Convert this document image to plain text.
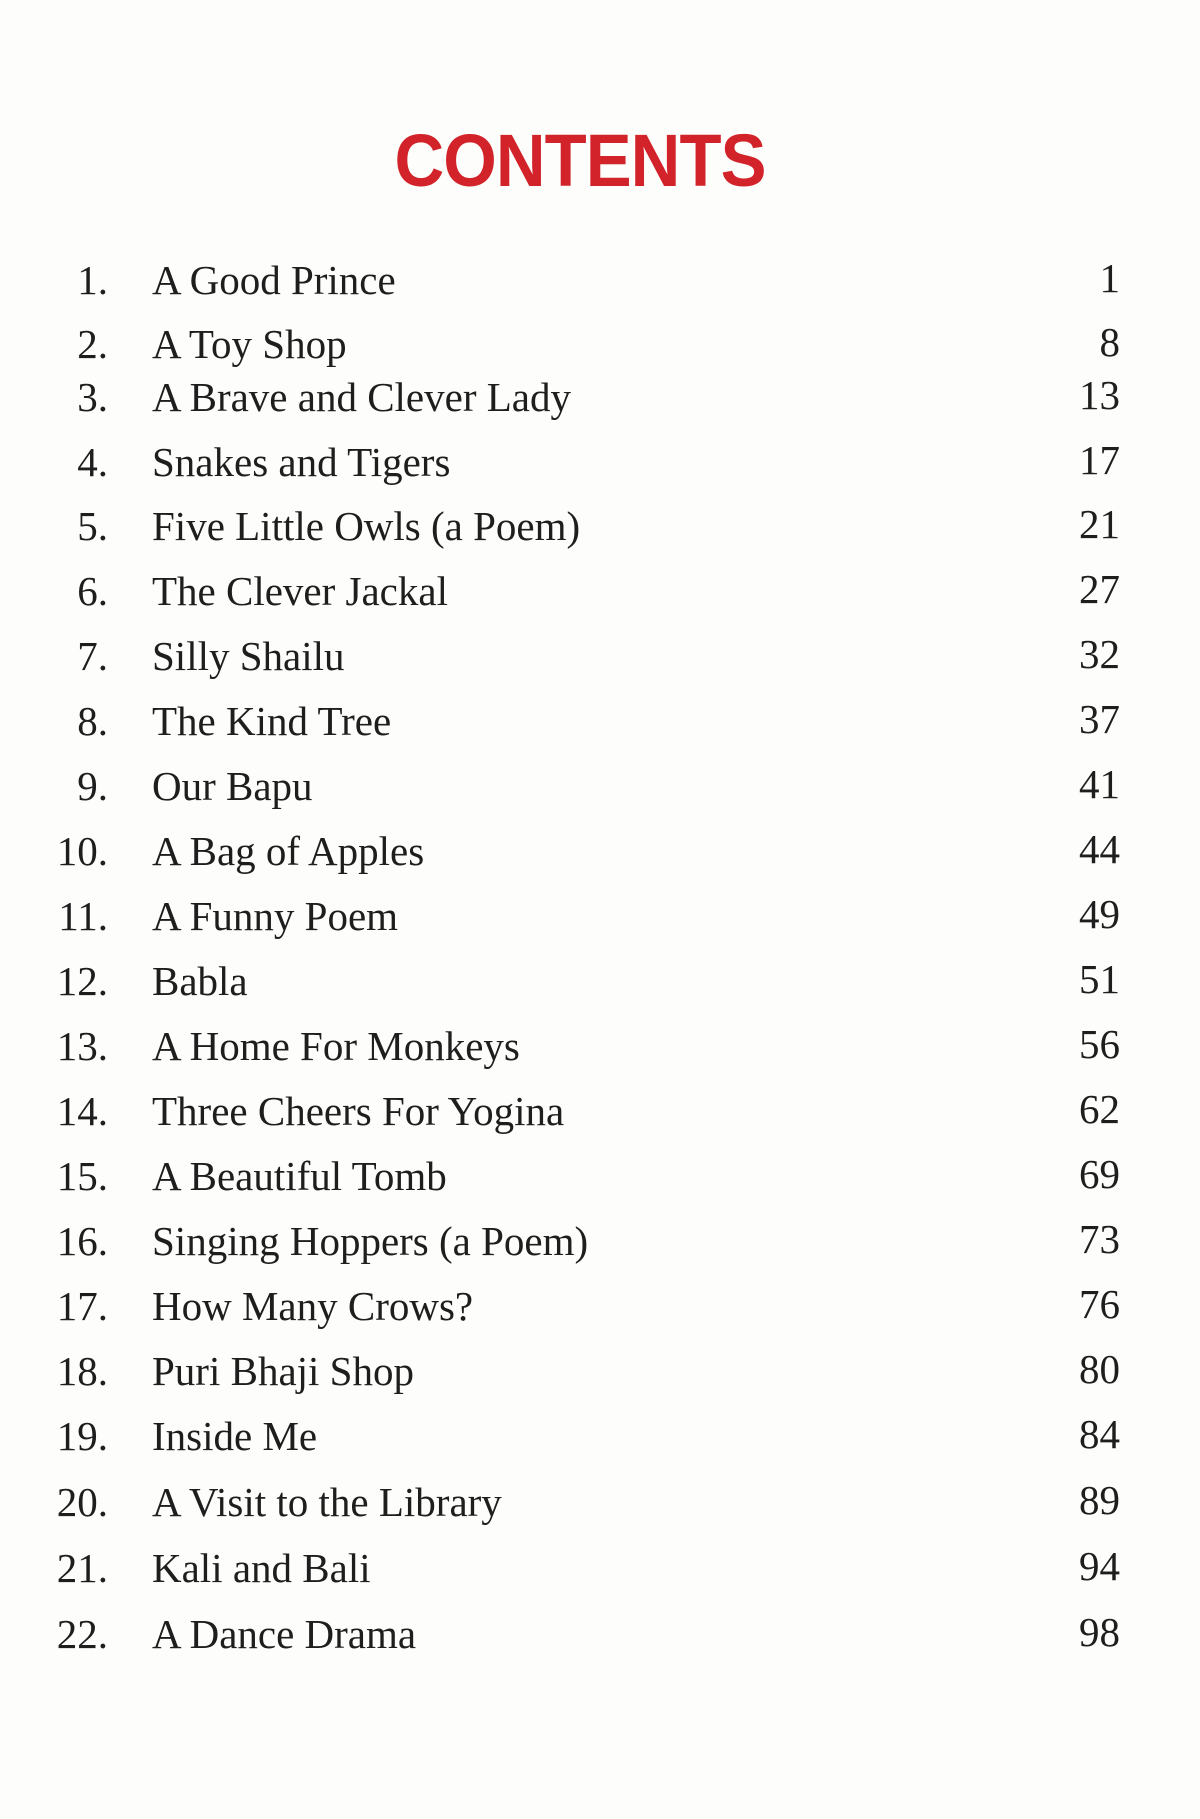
CONTENTS
1. A Good Prince	1
2. A Toy Shop	8
3. A Brave and Clever Lady	13
4. Snakes and Tigers	17
5. Five Little Owls (a Poem)	21
6. The Clever Jackal	27
7. Silly Shailu	32
8. The Kind Tree	37
9. Our Bapu	41
10. A Bag of Apples	44
11. A Funny Poem	49
12. Babla	51
13. A Home For Monkeys	56
14. Three Cheers For Yogina	62
15. A Beautiful Tomb	69
16. Singing Hoppers (a Poem)	73
17. How Many Crows?	76
18. Puri Bhaji Shop	80
19. Inside Me	84
20. A Visit to the Library	89
21. Kali and Bali	94
22. A Dance Drama	98
